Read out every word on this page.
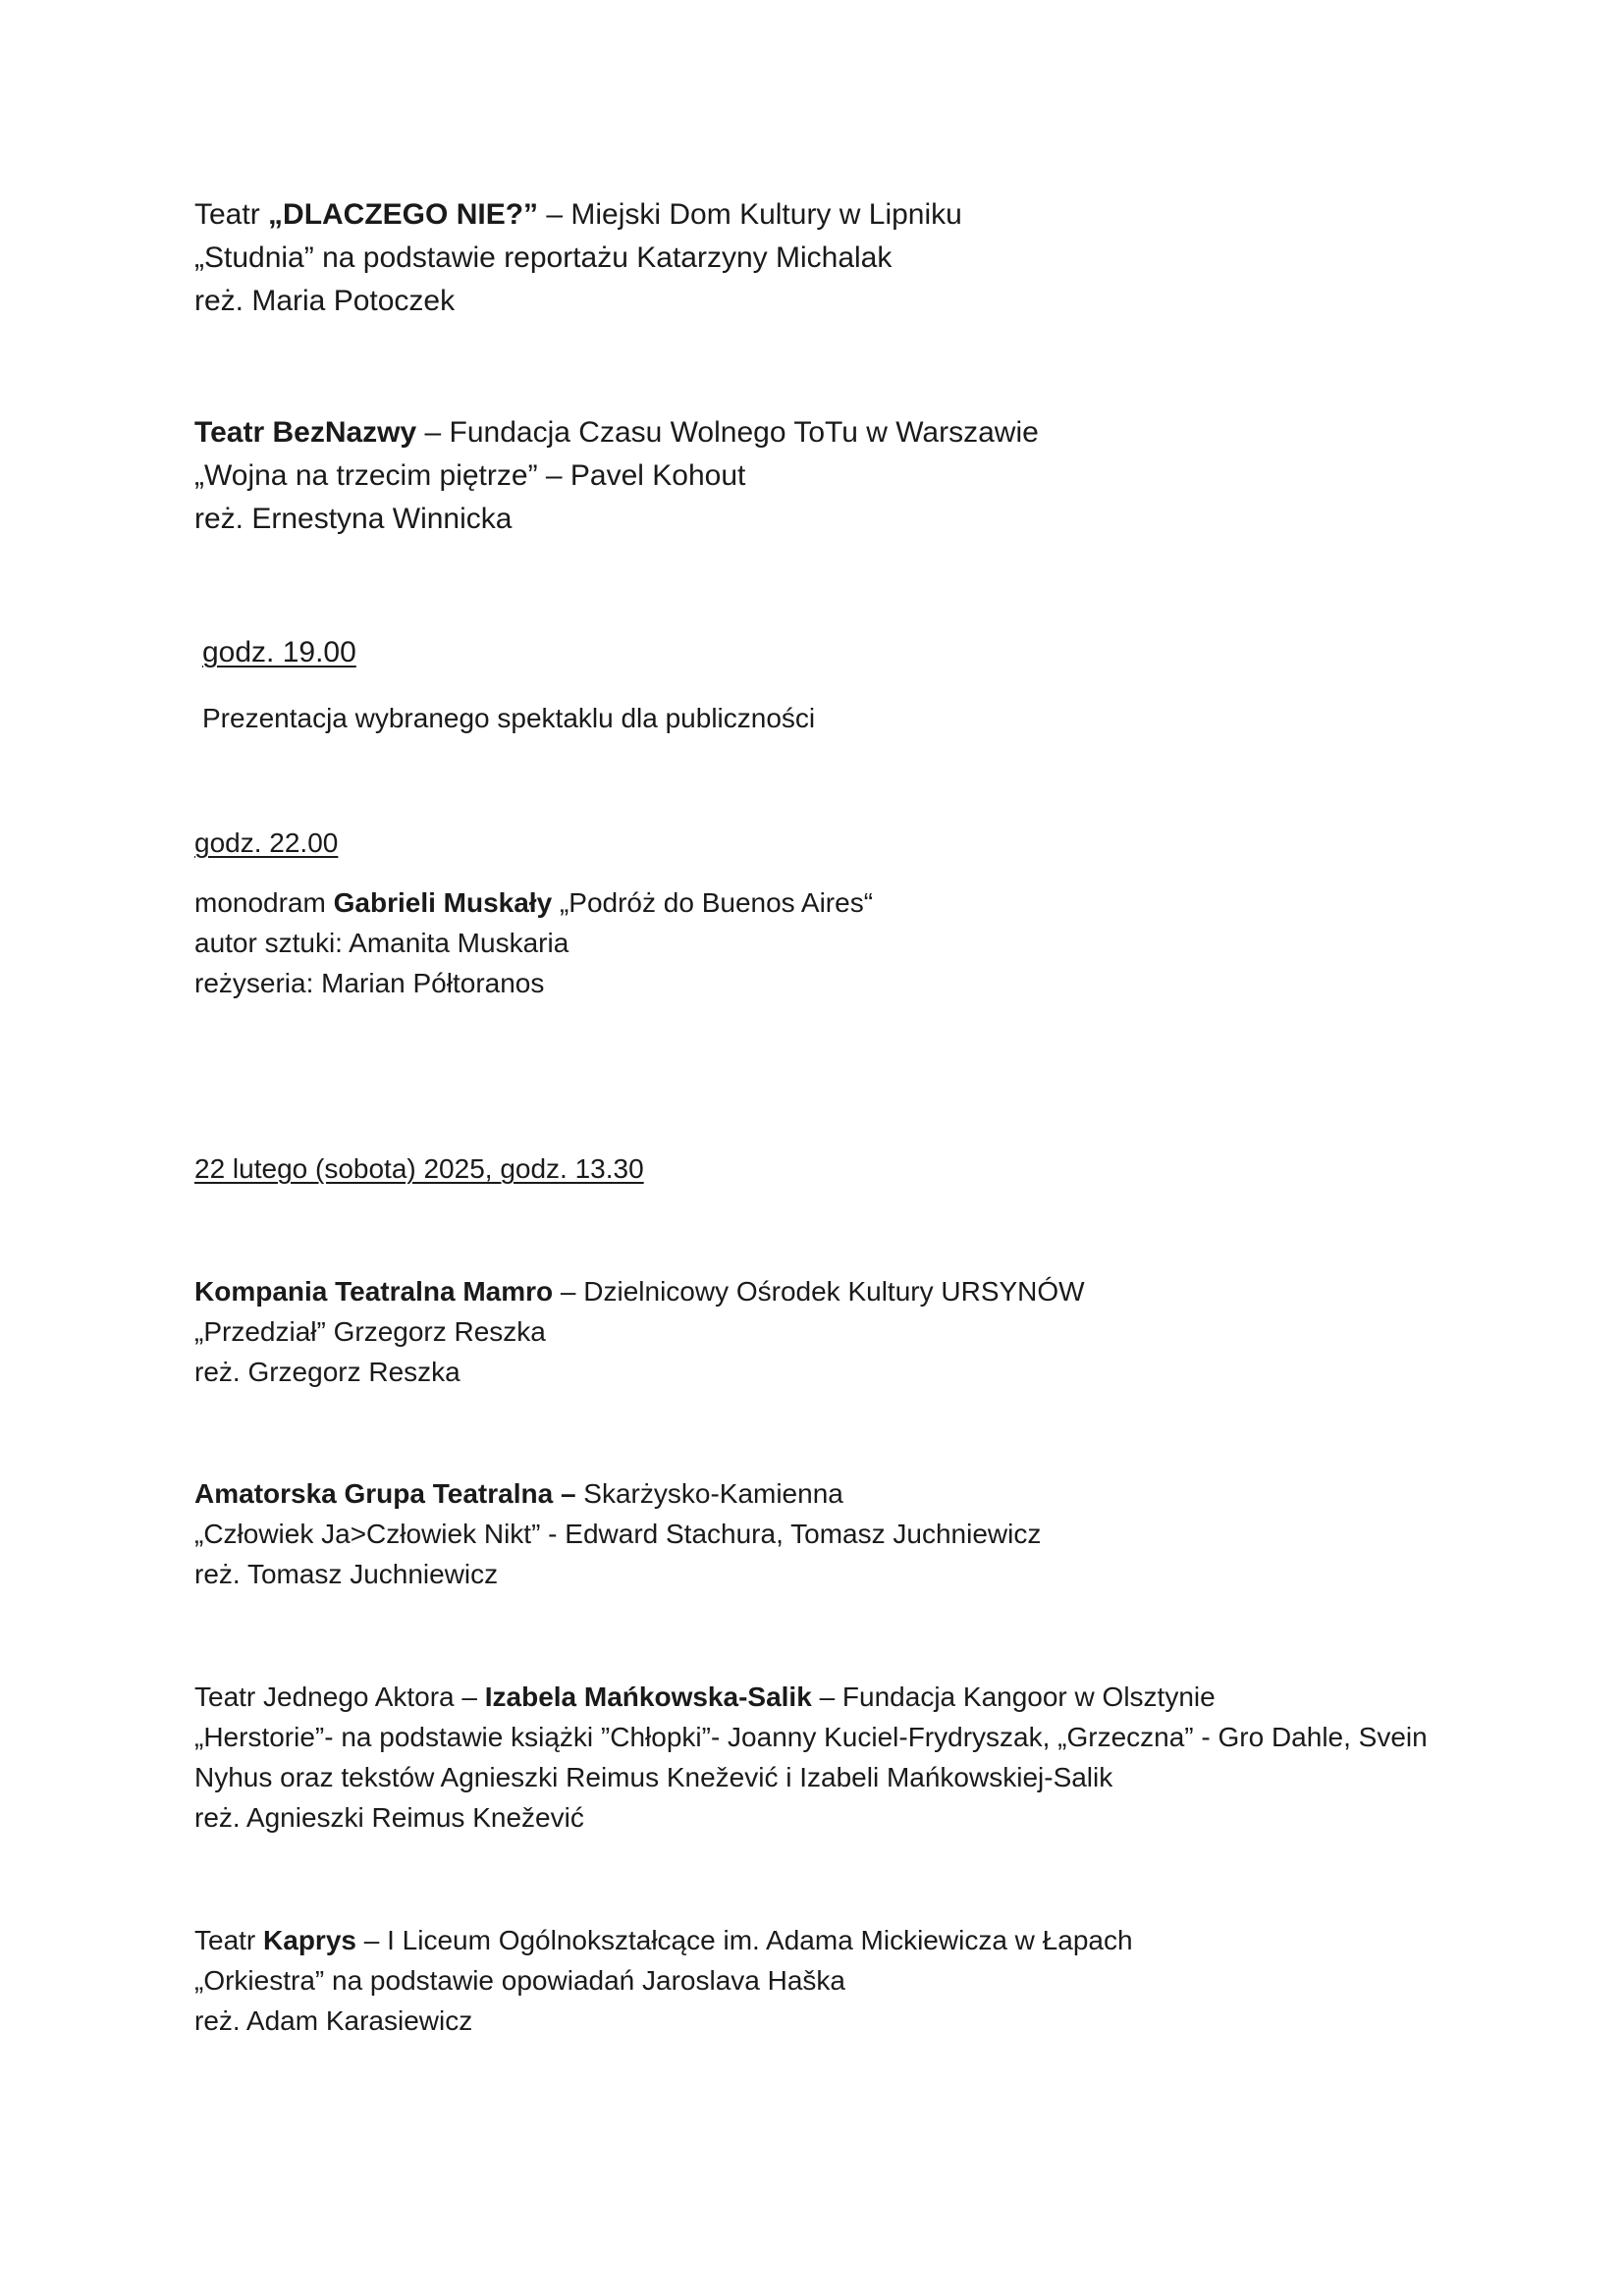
Teatr „DLACZEGO NIE?” – Miejski Dom Kultury w Lipniku
„Studnia” na podstawie reportażu Katarzyny Michalak
reż. Maria Potoczek
Teatr BezNazwy – Fundacja Czasu Wolnego ToTu w Warszawie
„Wojna na trzecim piętrze” – Pavel Kohout
reż. Ernestyna Winnicka
godz. 19.00
Prezentacja wybranego spektaklu dla publiczności
godz. 22.00
monodram Gabrieli Muskały „Podróż do Buenos Aires“
autor sztuki: Amanita Muskaria
reżyseria: Marian Półtoranos
22 lutego (sobota) 2025, godz. 13.30
Kompania Teatralna Mamro – Dzielnicowy Ośrodek Kultury URSYNÓW
„Przedział” Grzegorz Reszka
reż. Grzegorz Reszka
Amatorska Grupa Teatralna – Skarżysko-Kamienna
„Człowiek Ja>Człowiek Nikt” - Edward Stachura, Tomasz Juchniewicz
reż. Tomasz Juchniewicz
Teatr Jednego Aktora – Izabela Mańkowska-Salik – Fundacja Kangoor w Olsztynie
„Herstorie”- na podstawie książki ”Chłopki”- Joanny Kuciel-Frydryszak, „Grzeczna” - Gro Dahle, Svein
Nyhus oraz tekstów Agnieszki Reimus Knežević i Izabeli Mańkowskiej-Salik
reż. Agnieszki Reimus Knežević
Teatr Kaprys – I Liceum Ogólnokształcące im. Adama Mickiewicza w Łapach
„Orkiestra” na podstawie opowiadań Jaroslava Haška
reż. Adam Karasiewicz
